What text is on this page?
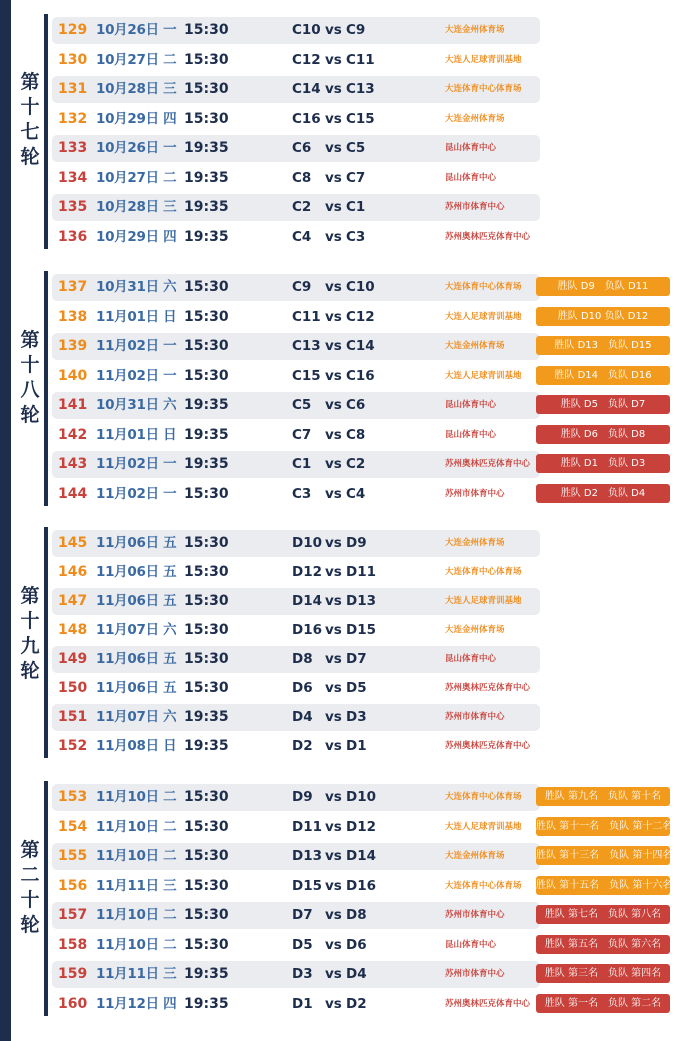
第
十
七
轮
129 10月26日 一 15:30	C10 vs C9	大连金州体育场
130 10月27日 二 15:30	C12 vs C11	大连人足球青训基地
131 10月28日 三 15:30	C14 vs C13	大连体育中心体育场
132 10月29日 四 15:30	C16 vs C15	大连金州体育场
133 10月26日 一 19:35	C6 vs C5	昆山体育中心
134 10月27日 二 19:35	C8 vs C7	昆山体育中心
135 10月28日 三 19:35	C2 vs C1	苏州市体育中心
136 10月29日 四 19:35	C4 vs C3	苏州奥林匹克体育中心
第
十
八
轮
137 10月31日 六 15:30	C9 vs C10	大连体育中心体育场	胜队 D9　负队 D11
138 11月01日 日 15:30	C11 vs C12	大连人足球青训基地	胜队 D10 负队 D12
139 11月02日 一 15:30	C13 vs C14	大连金州体育场	胜队 D13　负队 D15
140 11月02日 一 15:30	C15 vs C16	大连人足球青训基地	胜队 D14　负队 D16
141 10月31日 六 19:35	C5 vs C6	昆山体育中心	胜队 D5　负队 D7
142 11月01日 日 19:35	C7 vs C8	昆山体育中心	胜队 D6　负队 D8
143 11月02日 一 19:35	C1 vs C2	苏州奥林匹克体育中心	胜队 D1　负队 D3
144 11月02日 一 15:30	C3 vs C4	苏州市体育中心	胜队 D2　负队 D4
第
十
九
轮
145 11月06日 五 15:30	D10 vs D9	大连金州体育场
146 11月06日 五 15:30	D12 vs D11	大连体育中心体育场
147 11月06日 五 15:30	D14 vs D13	大连人足球青训基地
148 11月07日 六 15:30	D16 vs D15	大连金州体育场
149 11月06日 五 15:30	D8 vs D7	昆山体育中心
150 11月06日 五 15:30	D6 vs D5	苏州奥林匹克体育中心
151 11月07日 六 19:35	D4 vs D3	苏州市体育中心
152 11月08日 日 19:35	D2 vs D1	苏州奥林匹克体育中心
第
二
十
轮
153 11月10日 二 15:30	D9 vs D10	大连体育中心体育场	胜队 第九名　负队 第十名
154 11月10日 二 15:30	D11 vs D12	大连人足球青训基地 胜队 第十一名　负队 第十二名
155 11月10日 二 15:30	D13 vs D14	大连金州体育场	胜队 第十三名　负队 第十四名
156 11月11日 三 15:30	D15 vs D16	大连体育中心体育场 胜队 第十五名　负队 第十六名
157 11月10日 二 15:30	D7 vs D8	苏州市体育中心	胜队 第七名　负队 第八名
158 11月10日 二 15:30	D5 vs D6	昆山体育中心	胜队 第五名　负队 第六名
159 11月11日 三 19:35	D3 vs D4	苏州市体育中心	胜队 第三名　负队 第四名
160 11月12日 四 19:35	D1 vs D2	苏州奥林匹克体育中心	胜队 第一名　负队 第二名
